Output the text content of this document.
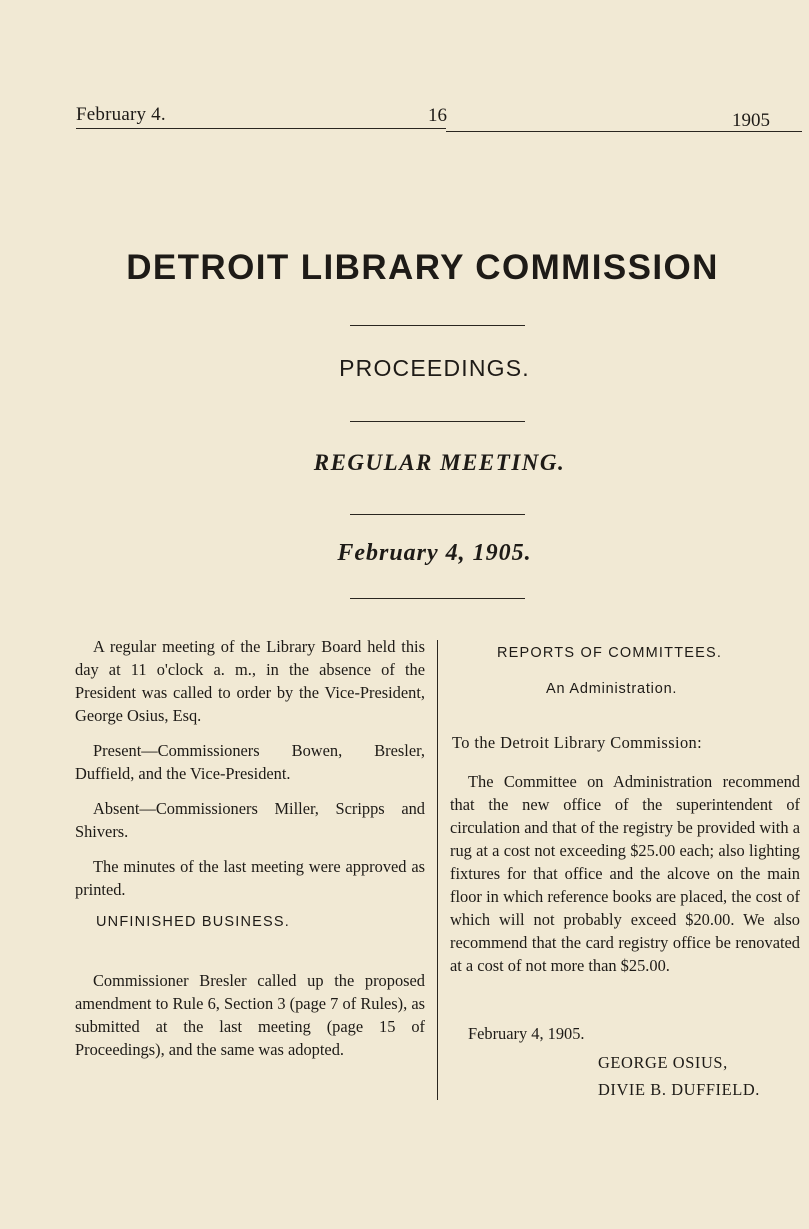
February 4.	16	1905
DETROIT LIBRARY COMMISSION
PROCEEDINGS.
REGULAR MEETING.
February 4, 1905.

A regular meeting of the Library Board held this day at 11 o'clock a. m., in the absence of the President was called to order by the Vice-President, George Osius, Esq.

Present—Commissioners Bowen, Bresler, Duffield, and the Vice-President.

Absent—Commissioners Miller, Scripps and Shivers.

The minutes of the last meeting were approved as printed.

UNFINISHED BUSINESS.

Commissioner Bresler called up the proposed amendment to Rule 6, Section 3 (page 7 of Rules), as submitted at the last meeting (page 15 of Proceedings), and the same was adopted.

REPORTS OF COMMITTEES.
An Administration.
To the Detroit Library Commission:

The Committee on Administration recommend that the new office of the superintendent of circulation and that of the registry be provided with a rug at a cost not exceeding $25.00 each; also lighting fixtures for that office and the alcove on the main floor in which reference books are placed, the cost of which will not probably exceed $20.00. We also recommend that the card registry office be renovated at a cost of not more than $25.00.

February 4, 1905.
GEORGE OSIUS,
DIVIE B. DUFFIELD.
